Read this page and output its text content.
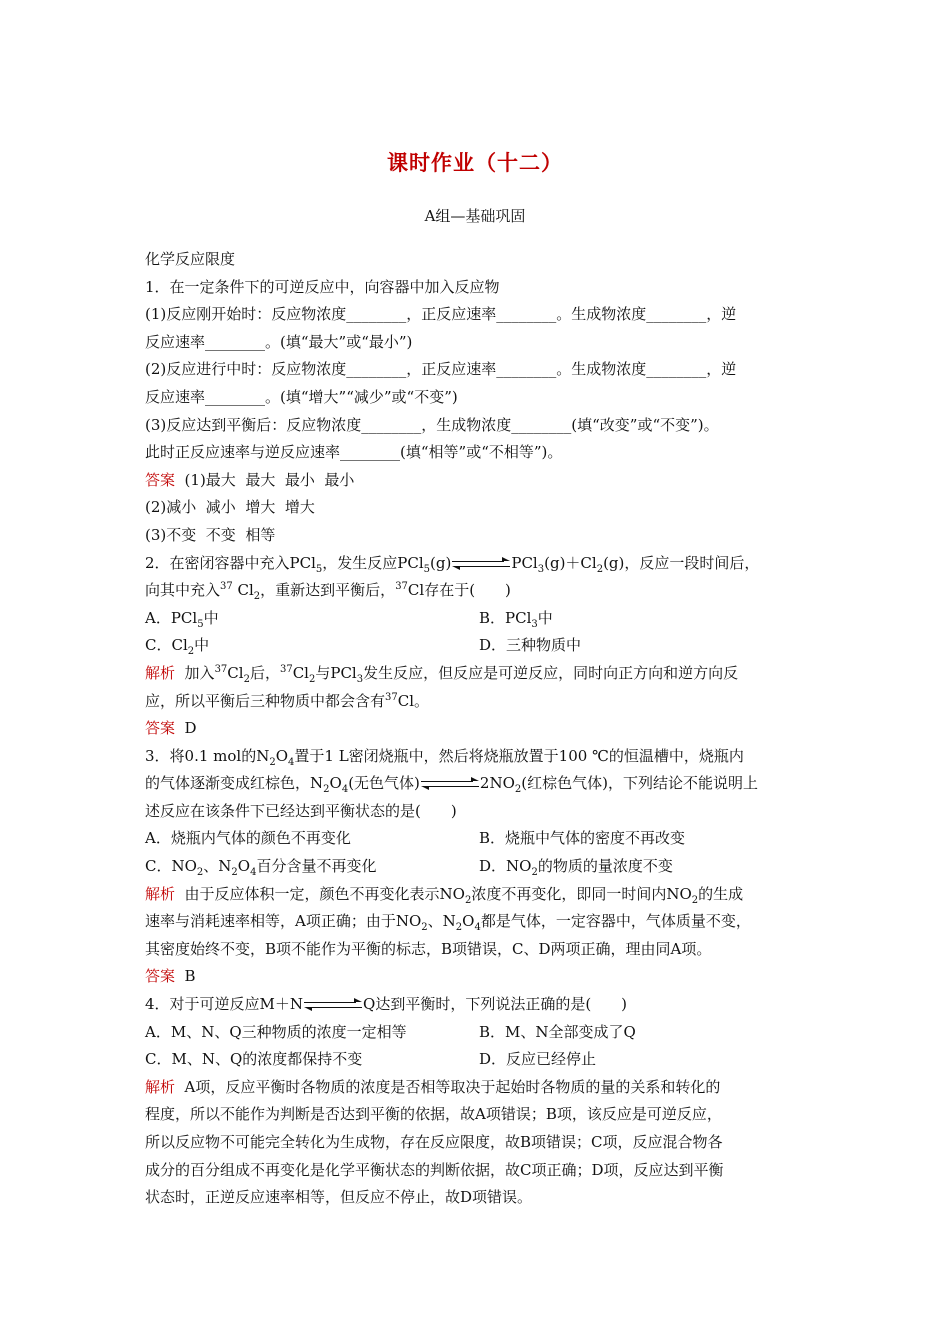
课时作业（十二）
A组—基础巩固

化学反应限度

1．在一定条件下的可逆反应中，向容器中加入反应物

(1)反应刚开始时：反应物浓度________，正反应速率________。生成物浓度________，逆

反应速率________。(填“最大”或“最小”)

(2)反应进行中时：反应物浓度________，正反应速率________。生成物浓度________，逆

反应速率________。(填“增大”“减少”或“不变”)

(3)反应达到平衡后：反应物浓度________，生成物浓度________(填“改变”或“不变”)。

此时正反应速率与逆反应速率________(填“相等”或“不相等”)。

答案  (1)最大  最大  最小  最小

(2)减小  减小  增大  增大

(3)不变  不变  相等

2．在密闭容器中充入PCl$_5$，发生反应PCl$_5$(g)	$PCl_3(g)+Cl_2(g)$，反应一段时间后，

向其中充入$^{37}$ $Cl_2$，重新达到平衡后，$^{37}$Cl存在于(　　)

A．PCl$_5$中	B．PCl$_3$中
C．$Cl_2$中	D．三种物质中

解析  加入$^{37}Cl_2$后，$^{37}Cl_2$与PCl$_3$发生反应，但反应是可逆反应，同时向正方向和逆方向反

应，所以平衡后三种物质中都会含有$^{37}$Cl。

答案  D

3．将0.1 mol的$N_2O_4$置于1 L密闭烧瓶中，然后将烧瓶放置于100 ℃的恒温槽中，烧瓶内

的气体逐渐变成红棕色，$N_2O_4$(无色气体)	$2NO_2$(红棕色气体)，下列结论不能说明上

述反应在该条件下已经达到平衡状态的是(　　)

A．烧瓶内气体的颜色不再变化	B．烧瓶中气体的密度不再改变
C．$NO_2$、$N_2O_4$百分含量不再变化	D．$NO_2$的物质的量浓度不变

解析  由于反应体积一定，颜色不再变化表示$NO_2$浓度不再变化，即同一时间内$NO_2$的生成

速率与消耗速率相等，A项正确；由于$NO_2$、$N_2O_4$都是气体，一定容器中，气体质量不变，

其密度始终不变，B项不能作为平衡的标志，B项错误，C、D两项正确，理由同A项。

答案  B

4．对于可逆反应M＋N	Q达到平衡时，下列说法正确的是(　　)

A．M、N、Q三种物质的浓度一定相等	B．M、N全部变成了Q
C．M、N、Q的浓度都保持不变	D．反应已经停止

解析  A项，反应平衡时各物质的浓度是否相等取决于起始时各物质的量的关系和转化的

程度，所以不能作为判断是否达到平衡的依据，故A项错误；B项，该反应是可逆反应，

所以反应物不可能完全转化为生成物，存在反应限度，故B项错误；C项，反应混合物各

成分的百分组成不再变化是化学平衡状态的判断依据，故C项正确；D项，反应达到平衡

状态时，正逆反应速率相等，但反应不停止，故D项错误。
